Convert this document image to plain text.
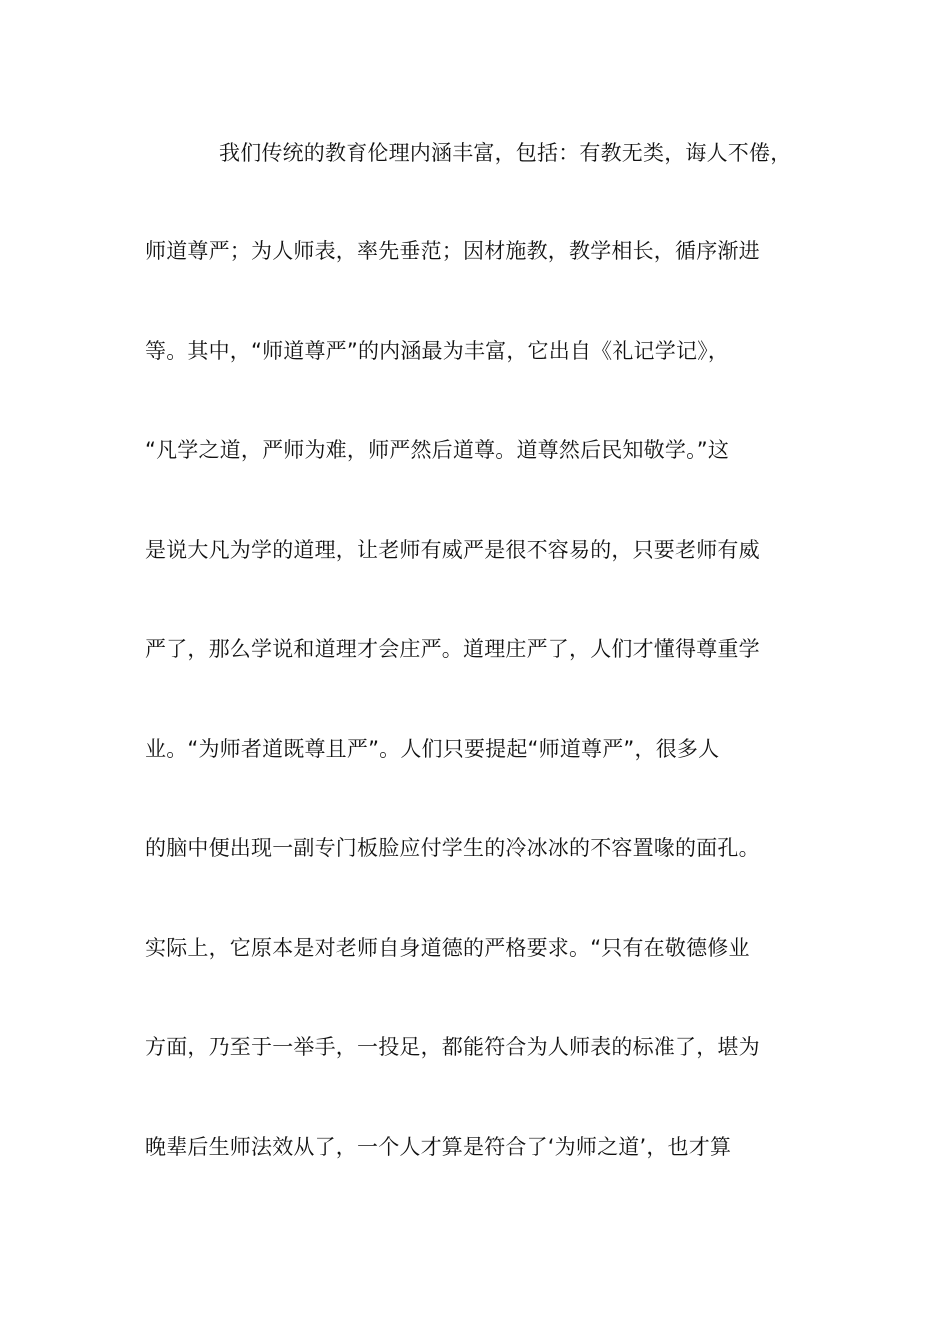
我们传统的教育伦理内涵丰富，包括：有教无类，诲人不倦，
师道尊严；为人师表，率先垂范；因材施教，教学相长，循序渐进
等。其中，“师道尊严”的内涵最为丰富，它出自《礼记学记》，
“凡学之道，严师为难，师严然后道尊。道尊然后民知敬学。”这
是说大凡为学的道理，让老师有威严是很不容易的，只要老师有威
严了，那么学说和道理才会庄严。道理庄严了，人们才懂得尊重学
业。“为师者道既尊且严”。人们只要提起“师道尊严”，很多人
的脑中便出现一副专门板脸应付学生的冷冰冰的不容置喙的面孔。
实际上，它原本是对老师自身道德的严格要求。“只有在敬德修业
方面，乃至于一举手，一投足，都能符合为人师表的标准了，堪为
晚辈后生师法效从了，一个人才算是符合了‘为师之道’，也才算
